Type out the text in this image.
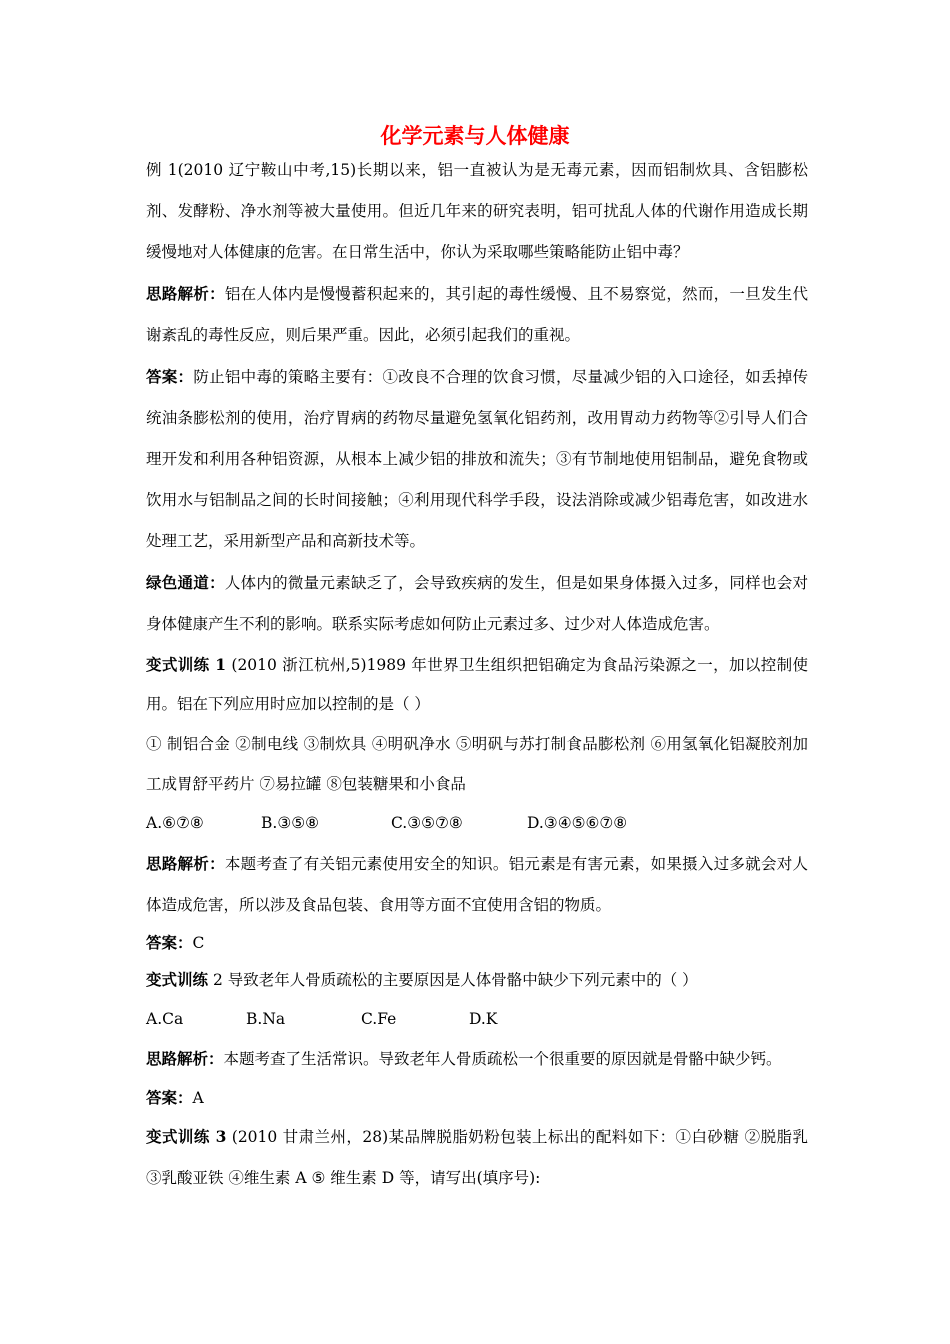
化学元素与人体健康

例 1(2010 辽宁鞍山中考,15)长期以来，铝一直被认为是无毒元素，因而铝制炊具、含铝膨松剂、发酵粉、净水剂等被大量使用。但近几年来的研究表明，铝可扰乱人体的代谢作用造成长期缓慢地对人体健康的危害。在日常生活中，你认为采取哪些策略能防止铝中毒？

思路解析：铝在人体内是慢慢蓄积起来的，其引起的毒性缓慢、且不易察觉，然而，一旦发生代谢紊乱的毒性反应，则后果严重。因此，必须引起我们的重视。

答案：防止铝中毒的策略主要有：①改良不合理的饮食习惯，尽量减少铝的入口途径，如丢掉传统油条膨松剂的使用，治疗胃病的药物尽量避免氢氧化铝药剂，改用胃动力药物等②引导人们合理开发和利用各种铝资源，从根本上减少铝的排放和流失；③有节制地使用铝制品，避免食物或饮用水与铝制品之间的长时间接触；④利用现代科学手段，设法消除或减少铝毒危害，如改进水处理工艺，采用新型产品和高新技术等。

绿色通道：人体内的微量元素缺乏了，会导致疾病的发生，但是如果身体摄入过多，同样也会对身体健康产生不利的影响。联系实际考虑如何防止元素过多、过少对人体造成危害。

变式训练 1 (2010 浙江杭州,5)1989 年世界卫生组织把铝确定为食品污染源之一，加以控制使用。铝在下列应用时应加以控制的是（ ）

① 制铝合金 ②制电线 ③制炊具 ④明矾净水 ⑤明矾与苏打制食品膨松剂 ⑥用氢氧化铝凝胶剂加工成胃舒平药片 ⑦易拉罐 ⑧包装糖果和小食品

A.⑥⑦⑧	B.③⑤⑧	C.③⑤⑦⑧	D.③④⑤⑥⑦⑧

思路解析：本题考查了有关铝元素使用安全的知识。铝元素是有害元素，如果摄入过多就会对人体造成危害，所以涉及食品包装、食用等方面不宜使用含铝的物质。

答案：C

变式训练 2 导致老年人骨质疏松的主要原因是人体骨骼中缺少下列元素中的（ ）

A.Ca	B.Na	C.Fe	D.K

思路解析：本题考查了生活常识。导致老年人骨质疏松一个很重要的原因就是骨骼中缺少钙。

答案：A

变式训练 3 (2010 甘肃兰州，28)某品牌脱脂奶粉包装上标出的配料如下：①白砂糖 ②脱脂乳 ③乳酸亚铁 ④维生素 A ⑤ 维生素 D 等，请写出(填序号):
